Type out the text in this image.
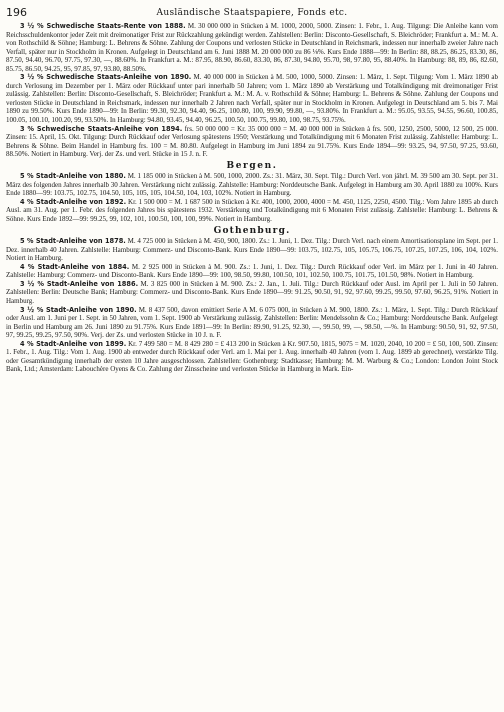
196	Ausländische Staatspapiere, Fonds etc.

3 ½ % Schwedische Staats-Rente von 1888. M. 30 000 000 in Stücken à M. 1000, 2000, 5000. Zinsen: 1. Febr., 1. Aug. Tilgung: Die Anleihe kann vom Reichsschuldenkontor jeder Zeit mit dreimonatiger Frist zur Rückzahlung gekündigt werden. Zahlstellen: Berlin: Disconto-Gesellschaft, S. Bleichröder; Frankfurt a. M.: M. A. von Rothschild & Söhne; Hamburg: L. Behrens & Söhne. Zahlung der Coupons und verlosten Stücke in Deutschland in Reichsmark, indessen nur innerhalb zweier Jahre nach Verfall, später nur in Stockholm in Kronen. Aufgelegt in Deutschland am 6. Juni 1888 M. 20 000 000 zu 86 ⅛%. Kurs Ende 1888—99: In Berlin: 88, 88.25, 86.25, 83.30, 86, 87.50, 94.40, 96.70, 97.75, 97.30, —, 88.60%. In Frankfurt a. M.: 87.95, 88.90, 86.60, 83.30, 86, 87.30, 94.80, 95.70, 98, 97.80, 95, 88.40%. In Hamburg: 88, 89, 86, 82.60, 85.75, 86.50, 94.25, 95, 97.85, 97, 93.80, 88.50%.

3 ½ % Schwedische Staats-Anleihe von 1890. M. 40 000 000 in Stücken à M. 500, 1000, 5000. Zinsen: 1. März, 1. Sept. Tilgung: Vom 1. März 1890 ab durch Verlosung im Dezember per 1. März oder Rückkauf unter pari innerhalb 50 Jahren; vom 1. März 1890 ab Verstärkung und Totalkündigung mit dreimonatiger Frist zulässig. Zahlstellen: Berlin: Disconto-Gesellschaft, S. Bleichröder; Frankfurt a. M.: M. A. v. Rothschild & Söhne; Hamburg: L. Behrens & Söhne. Zahlung der Coupons und verlosten Stücke in Deutschland in Reichsmark, indessen nur innerhalb 2 Jahren nach Verfall, später nur in Stockholm in Kronen. Aufgelegt in Deutschland am 5. bis 7. Mai 1890 zu 99.50%. Kurs Ende 1890—99: In Berlin: 99.30, 92.30, 94.40, 96.25, 100.80, 100, 99.90, 99.80, —, 93.80%. In Frankfurt a. M.: 95.05, 93.55, 94.55, 96.60, 100.85, 100.05, 100.10, 100.20, 99, 93.50%. In Hamburg: 94.80, 93.45, 94.40, 96.25, 100.50, 100.75, 99.80, 100, 98.75, 93.75%.

3 % Schwedische Staats-Anleihe von 1894. frs. 50 000 000 = Kr. 35 000 000 = M. 40 000 000 in Stücken à frs. 500, 1250, 2500, 5000, 12 500, 25 000. Zinsen: 15. April, 15. Okt. Tilgung: Durch Rückkauf oder Verlosung spätestens 1950; Verstärkung und Totalkündigung mit 6 Monaten Frist zulässig. Zahlstelle: Hamburg: L. Behrens & Söhne. Beim Handel in Hamburg frs. 100 = M. 80.80. Aufgelegt in Hamburg im Juni 1894 zu 91.75%. Kurs Ende 1894—99: 93.25, 94, 97.50, 97.25, 93.60, 88.50%. Notiert in Hamburg. Verj. der Zs. und verl. Stücke in 15 J. n. F.

Bergen.

5 % Stadt-Anleihe von 1880. M. 1 185 000 in Stücken à M. 500, 1000, 2000. Zs.: 31. März, 30. Sept. Tilg.: Durch Verl. von jährl. M. 39 500 am 30. Sept. per 31. März des folgenden Jahres innerhalb 30 Jahren. Verstärkung nicht zulässig. Zahlstelle: Hamburg: Norddeutsche Bank. Aufgelegt in Hamburg am 30. April 1880 zu 100%. Kurs Ende 1880—99: 103.75, 102.75, 104.50, 105, 105, 105, 104.50, 104, 103, 102%. Notiert in Hamburg.

4 % Stadt-Anleihe von 1892. Kr. 1 500 000 = M. 1 687 500 in Stücken à Kr. 400, 1000, 2000, 4000 = M. 450, 1125, 2250, 4500. Tilg.: Vom Jahre 1895 ab durch Ausl. am 31. Aug. per 1. Febr. des folgenden Jahres bis spätestens 1932. Verstärkung und Totalkündigung mit 6 Monaten Frist zulässig. Zahlstelle: Hamburg: L. Behrens & Söhne. Kurs Ende 1892—99: 99.25, 99, 102, 101, 100.50, 100, 100, 99%. Notiert in Hamburg.

Gothenburg.

5 % Stadt-Anleihe von 1878. M. 4 725 000 in Stücken à M. 450, 900, 1800. Zs.: 1. Juni, 1. Dez. Tilg.: Durch Verl. nach einem Amortisationsplane im Sept. per 1. Dez. innerhalb 40 Jahren. Zahlstelle: Hamburg: Commerz- und Disconto-Bank. Kurs Ende 1890—99: 103.75, 102.75, 105, 105.75, 106.75, 107.25, 107.25, 106, 104, 102%. Notiert in Hamburg.

4 % Stadt-Anleihe von 1884. M. 2 925 000 in Stücken à M. 900. Zs.: 1. Juni, 1. Dez. Tilg.: Durch Rückkauf oder Verl. im März per 1. Juni in 40 Jahren. Zahlstelle: Hamburg: Commerz- und Disconto-Bank. Kurs Ende 1890—99: 100, 98.50, 99.80, 100.50, 101, 102.50, 100.75, 101.75, 101.50, 98%. Notiert in Hamburg.

3 ½ % Stadt-Anleihe von 1886. M. 3 825 000 in Stücken à M. 900. Zs.: 2. Jan., 1. Juli. Tilg.: Durch Rückkauf oder Ausl. im April per 1. Juli in 50 Jahren. Zahlstellen: Berlin: Deutsche Bank; Hamburg: Commerz- und Disconto-Bank. Kurs Ende 1890—99: 91.25, 90.50, 91, 92, 97.60, 99.25, 99.50, 97.60, 96.25, 91%. Notiert in Hamburg.

3 ½ % Stadt-Anleihe von 1890. M. 8 437 500, davon emittiert Serie A M. 6 075 000, in Stücken à M. 900, 1800. Zs.: 1. März, 1. Sept. Tilg.: Durch Rückkauf oder Ausl. am 1. Juni per 1. Sept. in 50 Jahren, vom 1. Sept. 1900 ab Verstärkung zulässig. Zahlstellen: Berlin: Mendelssohn & Co.; Hamburg: Norddeutsche Bank. Aufgelegt in Berlin und Hamburg am 26. Juni 1890 zu 91.75%. Kurs Ende 1891—99: In Berlin: 89.90, 91.25, 92.30, —, 99.50, 99, —, 98.50, —%. In Hamburg: 90.50, 91, 92, 97.50, 97, 99.25, 99.25, 97.50, 90%. Verj. der Zs. und verlosten Stücke in 10 J. n. F.

4 % Stadt-Anleihe von 1899. Kr. 7 499 580 = M. 8 429 280 = £ 413 200 in Stücken à Kr. 907.50, 1815, 9075 = M. 1020, 2040, 10 200 = £ 50, 100, 500. Zinsen: 1. Febr., 1. Aug. Tilg.: Vom 1. Aug. 1900 ab entweder durch Rückkauf oder Verl. am 1. Mai per 1. Aug. innerhalb 40 Jahren (vom 1. Aug. 1899 ab gerechnet), verstärkte Tilg. oder Gesamtkündigung innerhalb der ersten 10 Jahre ausgeschlossen. Zahlstellen: Gothenburg: Stadtkasse; Hamburg: M. M. Warburg & Co.; London: London Joint Stock Bank, Ltd.; Amsterdam: Labouchère Oyens & Co. Zahlung der Zinsscheine und verlosten Stücke in Hamburg in Mark. Ein-
